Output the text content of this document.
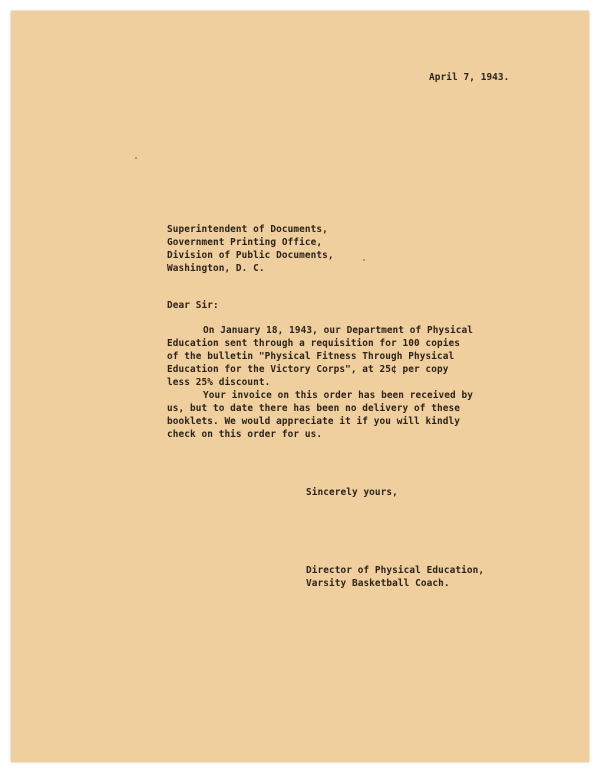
April 7, 1943.
Superintendent of Documents,
Government Printing Office,
Division of Public Documents,
Washington, D. C.
Dear Sir:
On January 18, 1943, our Department of Physical
Education sent through a requisition for 100 copies
of the bulletin "Physical Fitness Through Physical
Education for the Victory Corps", at 25¢ per copy
less 25% discount.
Your invoice on this order has been received by
us, but to date there has been no delivery of these
booklets. We would appreciate it if you will kindly
check on this order for us.
Sincerely yours,
Director of Physical Education,
Varsity Basketball Coach.
